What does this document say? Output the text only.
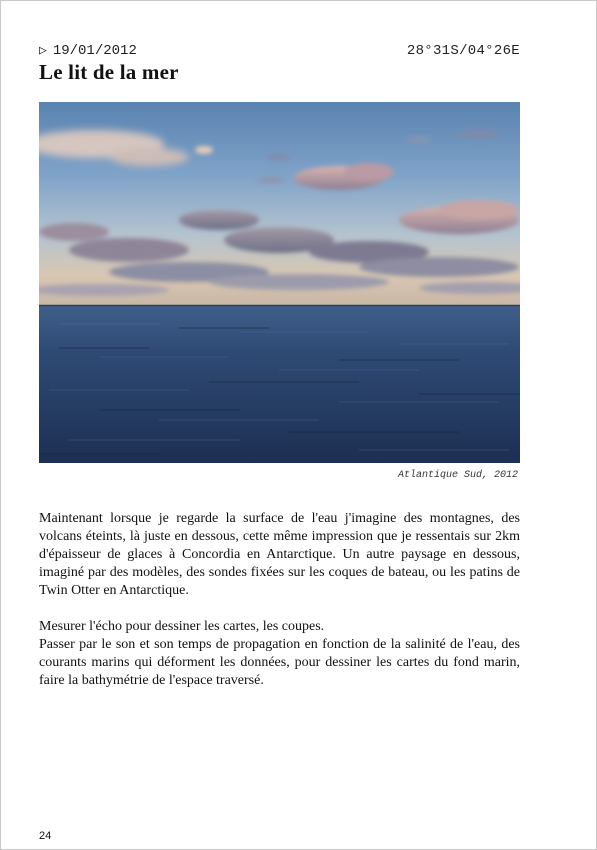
▷ 19/01/2012	28°31S/04°26E
Le lit de la mer
Atlantique Sud, 2012

Maintenant lorsque je regarde la surface de l'eau j'imagine des montagnes, des volcans éteints, là juste en dessous, cette même impression que je ressentais sur 2km d'épaisseur de glaces à Concordia en Antarctique. Un autre paysage en dessous, imaginé par des modèles, des sondes fixées sur les coques de bateau, ou les patins de Twin Otter en Antarctique.

Mesurer l'écho pour dessiner les cartes, les coupes.

Passer par le son et son temps de propagation en fonction de la salinité de l'eau, des courants marins qui déforment les données, pour dessiner les cartes du fond marin, faire la bathymétrie de l'espace traversé.

24
